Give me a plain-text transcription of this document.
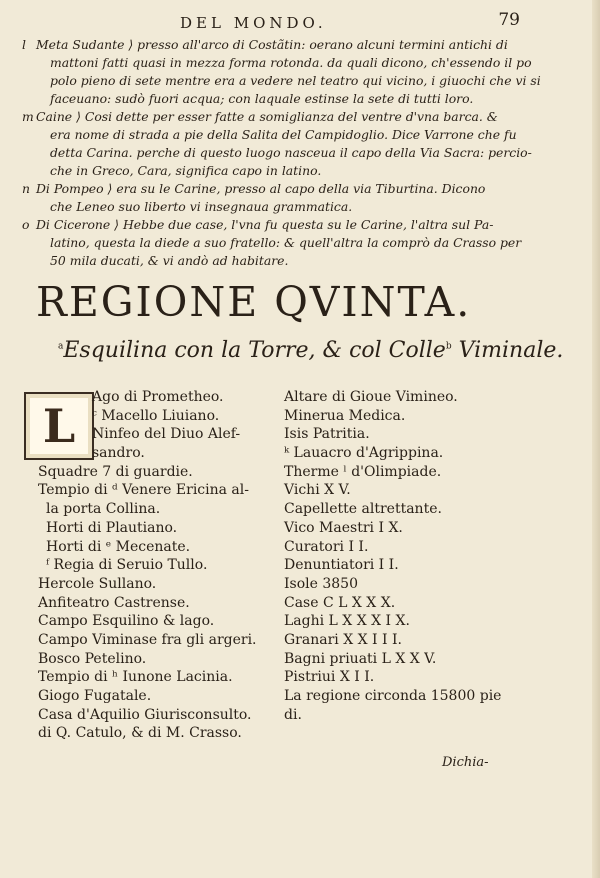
DEL MONDO.	79
l Meta Sudante ⟩ presso all'arco di Costãtin: oerano alcuni termini antichi di
mattoni fatti quasi in mezza forma rotonda. da quali dicono, ch'essendo il po
polo pieno di sete mentre era a vedere nel teatro qui vicino, i giuochi che vi si
faceuano: sudò fuori acqua; con laquale estinse la sete di tutti loro.
m Caine ⟩ Cosi dette per esser fatte a somiglianza del ventre d'vna barca. &
era nome di strada a pie della Salita del Campidoglio. Dice Varrone che fu
detta Carina. perche di questo luogo nasceua il capo della Via Sacra: percio-
che in Greco, Cara, significa capo in latino.
n Di Pompeo ⟩ era su le Carine, presso al capo della via Tiburtina. Dicono
che Leneo suo liberto vi insegnaua grammatica.
o Di Cicerone ⟩ Hebbe due case, l'vna fu questa su le Carine, l'altra sul Pa-
latino, questa la diede a suo fratello: & quell'altra la comprò da Crasso per
50 mila ducati, & vi andò ad habitare.
REGIONE QVINTA.
$^a$Esquilina con la Torre, & col Colle$^b$ Viminale.
L
Ago di Prometheo.
ᶜ Macello Liuiano.
Ninfeo del Diuo Alef-
sandro.
Squadre 7 di guardie.
Tempio di ᵈ Venere Ericina al-
la porta Collina.
Horti di Plautiano.
Horti di ᵉ Mecenate.
ᶠ Regia di Seruio Tullo.
Hercole Sullano.
Anfiteatro Castrense.
Campo Esquilino & lago.
Campo Viminase fra gli argeri.
Bosco Petelino.
Tempio di ʰ Iunone Lacinia.
Giogo Fugatale.
Casa d'Aquilio Giurisconsulto.
di Q. Catulo, & di M. Crasso.
Altare di Gioue Vimineo.
Minerua Medica.
Isis Patritia.
ᵏ Lauacro d'Agrippina.
Therme ˡ d'Olimpiade.
Vichi X V.
Capellette altrettante.
Vico Maestri I X.
Curatori I I.
Denuntiatori I I.
Isole 3850
Case C L X X X.
Laghi L X X X I X.
Granari X X I I I.
Bagni priuati L X X V.
Pistriui X I I.
La regione circonda 15800 pie
di.
Dichia-
